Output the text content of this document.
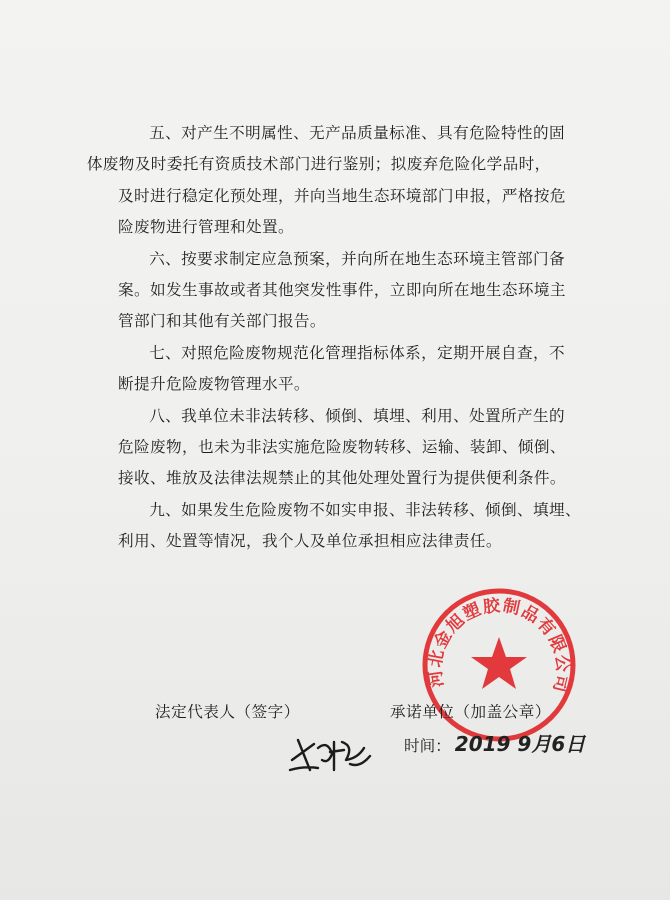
五、对产生不明属性、无产品质量标准、具有危险特性的固
体废物及时委托有资质技术部门进行鉴别；拟废弃危险化学品时，
及时进行稳定化预处理，并向当地生态环境部门申报，严格按危
险废物进行管理和处置。

六、按要求制定应急预案，并向所在地生态环境主管部门备
案。如发生事故或者其他突发性事件，立即向所在地生态环境主
管部门和其他有关部门报告。

七、对照危险废物规范化管理指标体系，定期开展自查，不
断提升危险废物管理水平。

八、我单位未非法转移、倾倒、填埋、利用、处置所产生的
危险废物，也未为非法实施危险废物转移、运输、装卸、倾倒、
接收、堆放及法律法规禁止的其他处理处置行为提供便利条件。

九、如果发生危险废物不如实申报、非法转移、倾倒、填埋、
利用、处置等情况，我个人及单位承担相应法律责任。

河北金旭塑胶制品有限公司
法定代表人（签字）	承诺单位（加盖公章）
时间： 2019 9月6日
